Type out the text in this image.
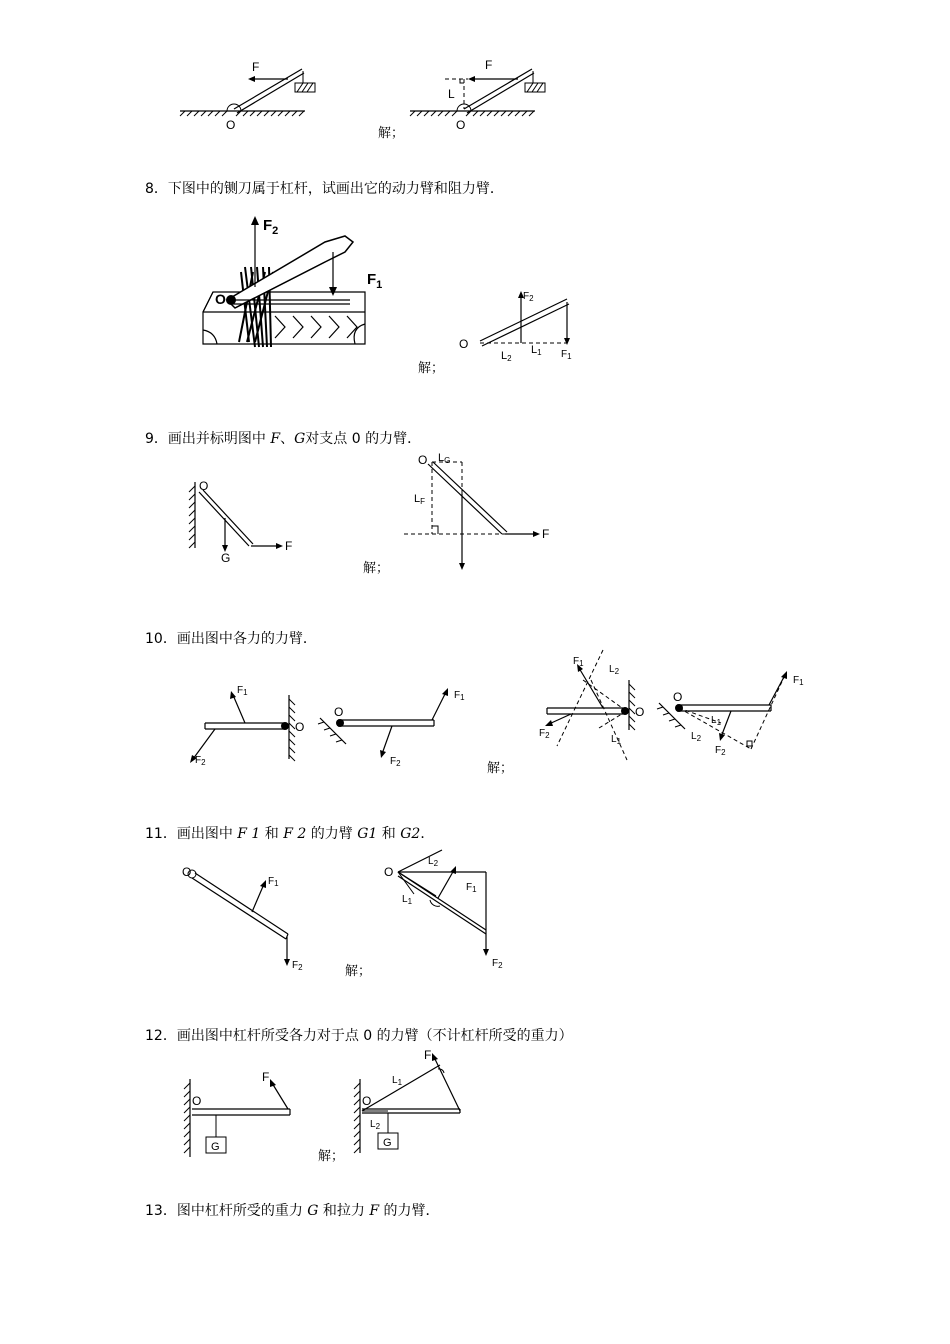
F
O
F
L
O
解；
8．下图中的铡刀属于杠杆，试画出它的动力臂和阻力臂．
O
$F_2$
$F_1$
O
$F_2$
L2
L1 $F_1$
解；
9．画出并标明图中 F、G对支点 0 的力臂．
O
G
F
O LG
LF
F
解；
10．画出图中各力的力臂．
$F_1$
$F_2$
O
O
$F_1$
$F_2$	解；
$F_1$
$L_2$
$L_1$
$F_2$
O
O
$F_1$
$L_1$
$L_2$
$F_2$
11．画出图中 F 1 和 F 2 的力臂 G1 和 G2．
O
$F_1$
$F_2$	解；
O
$L_2$
$L_1$
$F_1$
$F_2$
12．画出图中杠杆所受各力对于点 0 的力臂（不计杠杆所受的重力）
O
F
G
解；
O
F
$L_1$
$L_2$
G
13．图中杠杆所受的重力 G 和拉力 F 的力臂．
